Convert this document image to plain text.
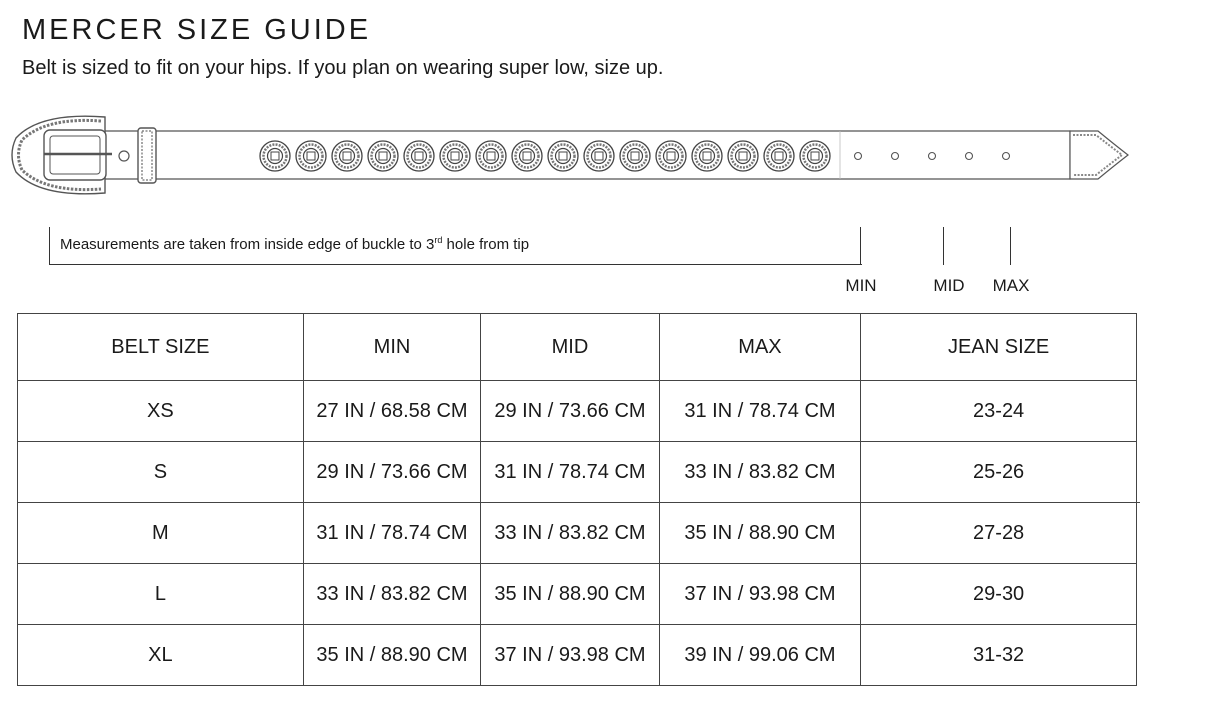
MERCER SIZE GUIDE
Belt is sized to fit on your hips. If you plan on wearing super low, size up.
Measurements are taken from inside edge of buckle to 3rd hole from tip
MIN	MID MAX
BELT SIZE	MIN	MID	MAX	JEAN SIZE
XS	27 IN / 68.58 CM	29 IN / 73.66 CM	31 IN / 78.74 CM	23-24
S	29 IN / 73.66 CM	31 IN / 78.74 CM	33 IN / 83.82 CM	25-26
M	31 IN / 78.74 CM	33 IN / 83.82 CM	35 IN / 88.90 CM	27-28
L	33 IN / 83.82 CM	35 IN / 88.90 CM	37 IN / 93.98 CM	29-30
XL	35 IN / 88.90 CM	37 IN / 93.98 CM	39 IN / 99.06 CM	31-32
